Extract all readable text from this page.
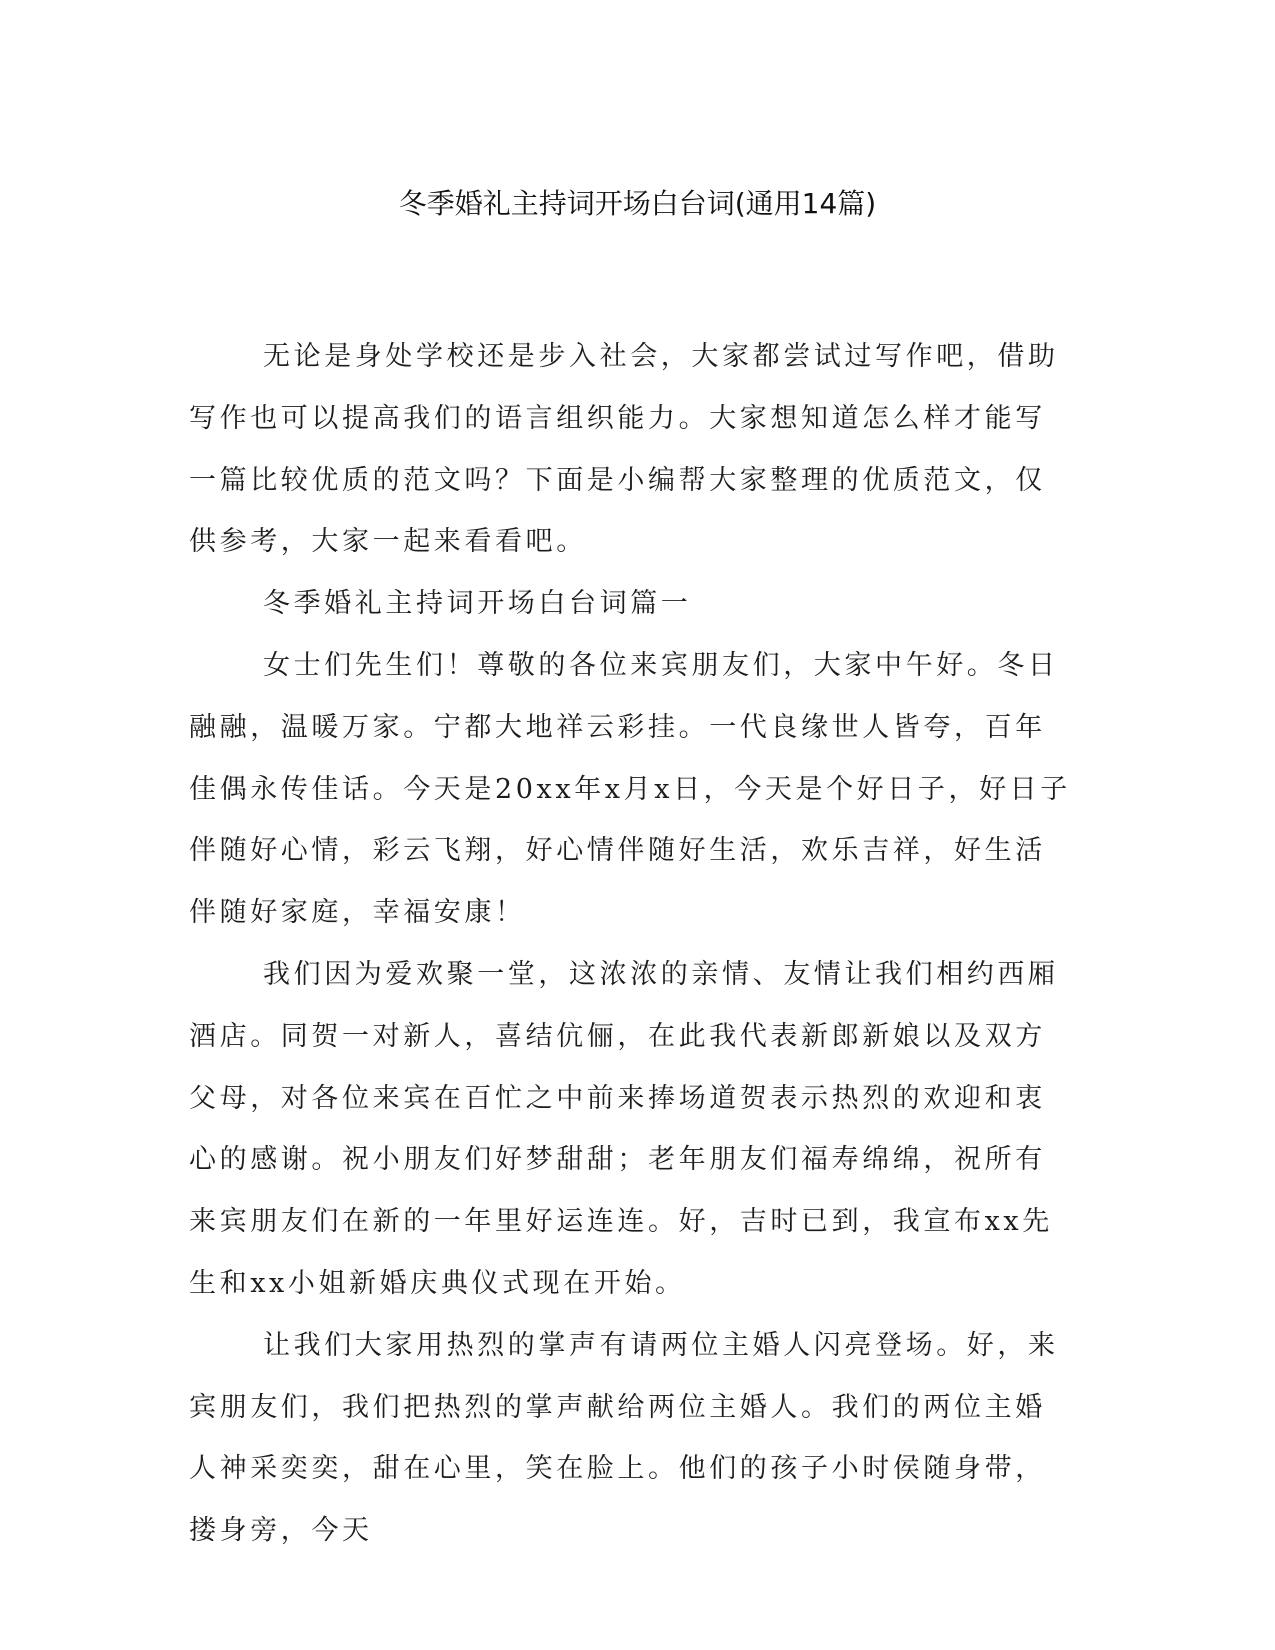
冬季婚礼主持词开场白台词(通用14篇)

无论是身处学校还是步入社会，大家都尝试过写作吧，借助写作也可以提高我们的语言组织能力。大家想知道怎么样才能写一篇比较优质的范文吗？下面是小编帮大家整理的优质范文，仅供参考，大家一起来看看吧。

冬季婚礼主持词开场白台词篇一

女士们先生们！尊敬的各位来宾朋友们，大家中午好。冬日融融，温暖万家。宁都大地祥云彩挂。一代良缘世人皆夸，百年佳偶永传佳话。今天是20xx年x月x日，今天是个好日子，好日子伴随好心情，彩云飞翔，好心情伴随好生活，欢乐吉祥，好生活伴随好家庭，幸福安康！

我们因为爱欢聚一堂，这浓浓的亲情、友情让我们相约西厢酒店。同贺一对新人，喜结伉俪，在此我代表新郎新娘以及双方父母，对各位来宾在百忙之中前来捧场道贺表示热烈的欢迎和衷心的感谢。祝小朋友们好梦甜甜；老年朋友们福寿绵绵，祝所有来宾朋友们在新的一年里好运连连。好，吉时已到，我宣布xx先生和xx小姐新婚庆典仪式现在开始。

让我们大家用热烈的掌声有请两位主婚人闪亮登场。好，来宾朋友们，我们把热烈的掌声献给两位主婚人。我们的两位主婚人神采奕奕，甜在心里，笑在脸上。他们的孩子小时侯随身带，搂身旁，今天
